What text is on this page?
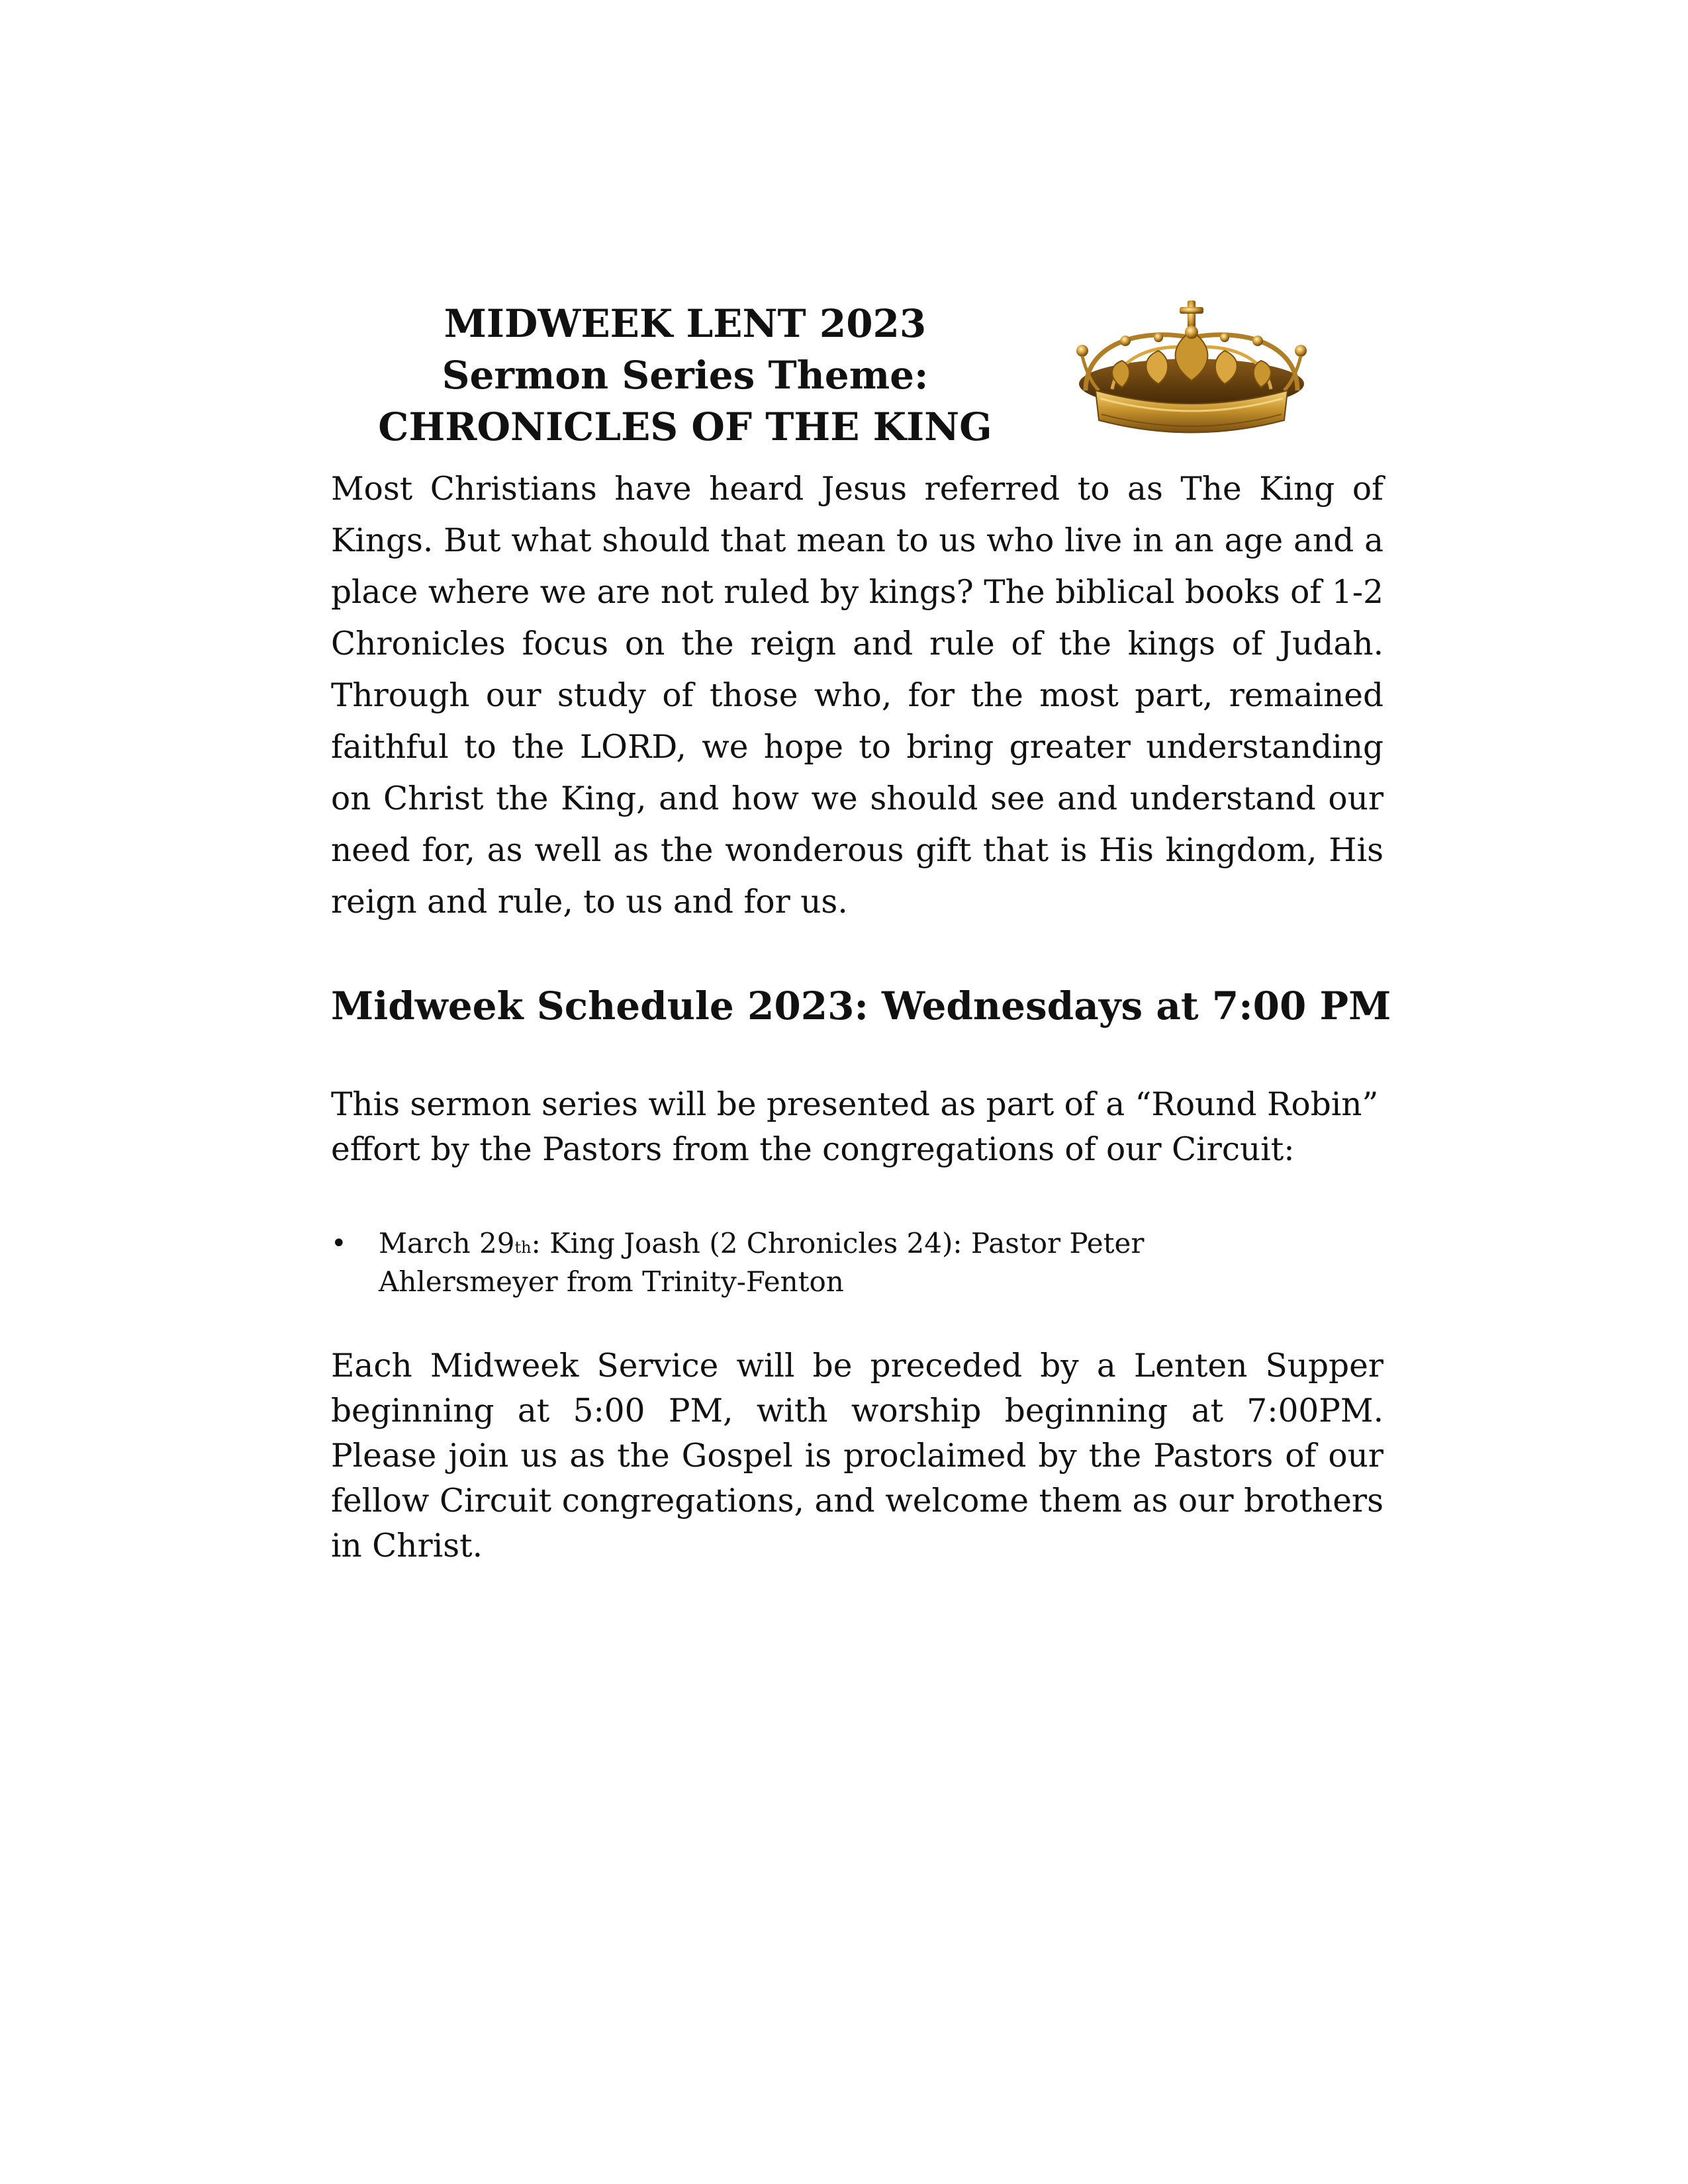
MIDWEEK LENT 2023
Sermon Series Theme:
CHRONICLES OF THE KING

Most Christians have heard Jesus referred to as The King of Kings. But what should that mean to us who live in an age and a place where we are not ruled by kings? The biblical books of 1-2 Chronicles focus on the reign and rule of the kings of Judah. Through our study of those who, for the most part, remained faithful to the LORD, we hope to bring greater understanding on Christ the King, and how we should see and understand our need for, as well as the wonderous gift that is His kingdom, His reign and rule, to us and for us.

Midweek Schedule 2023: Wednesdays at 7:00 PM

This sermon series will be presented as part of a “Round Robin” effort by the Pastors from the congregations of our Circuit:

•	March 29th: King Joash (2 Chronicles 24): Pastor Peter Ahlersmeyer from Trinity-Fenton

Each Midweek Service will be preceded by a Lenten Supper beginning at 5:00 PM, with worship beginning at 7:00PM. Please join us as the Gospel is proclaimed by the Pastors of our fellow Circuit congregations, and welcome them as our brothers in Christ.
